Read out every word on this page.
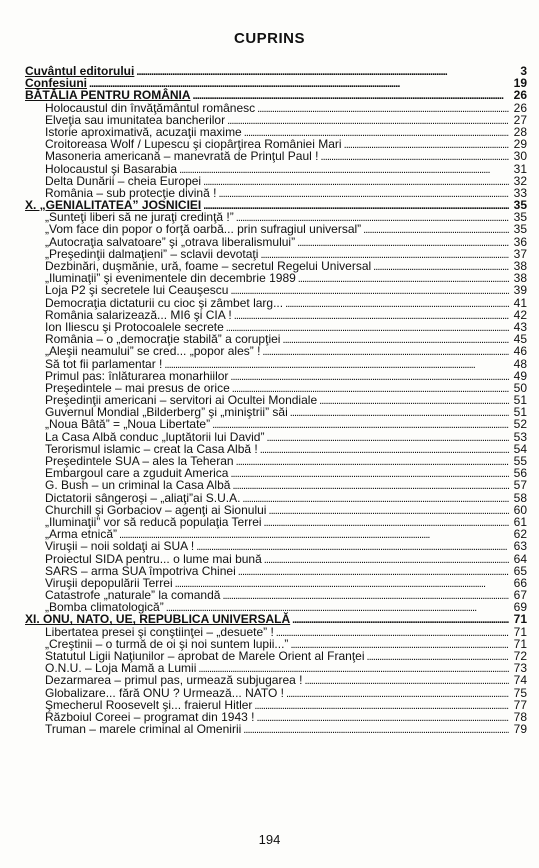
CUPRINS
Cuvântul editorului . . .	3
Confesiuni . . .	19
BĂTĂLIA PENTRU ROMÂNIA . . .	26
Holocaustul din învăţământul românesc . . .	26
Elveţia sau imunitatea bancherilor . . .	27
Istorie aproximativă, acuzaţii maxime . . .	28
Croitoreasa Wolf / Lupescu şi ciopârţirea României Mari . . .	29
Masoneria americană – manevrată de Prinţul Paul ! . . .	30
Holocaustul şi Basarabia . . .	31
Delta Dunării – cheia Europei . . .	32
România – sub protecţie divină ! . . .	33
X. „GENIALITATEA” JOSNICIEI . . .	35
„Sunteţi liberi să ne juraţi credinţă !” . . .	35
„Vom face din popor o forţă oarbă... prin sufragiul universal” . . .	35
„Autocraţia salvatoare” şi „otrava liberalismului” . . .	36
„Preşedinţii dalmaţieni” – sclavii devotaţi . . .	37
Dezbinări, duşmănie, ură, foame – secretul Regelui Universal . . .	38
„Iluminaţii” şi evenimentele din decembrie 1989 . . .	38
Loja P2 şi secretele lui Ceauşescu . . .	39
Democraţia dictaturii cu cioc şi zâmbet larg... . . .	41
România salarizează... MI6 şi CIA ! . . .	42
Ion Iliescu şi Protocoalele secrete . . .	43
România – o „democraţie stabilă” a corupţiei . . .	45
„Aleşii neamului” se cred... „popor ales” ! . . .	46
Să tot fii parlamentar ! . . .	48
Primul pas: înlăturarea monarhiilor . . .	49
Preşedintele – mai presus de orice . . .	50
Preşedinţii americani – servitori ai Ocultei Mondiale . . .	51
Guvernul Mondial „Bilderberg” şi „miniştrii” săi . . .	51
„Noua Bâtă” = „Noua Libertate” . . .	52
La Casa Albă conduc „luptătorii lui David” . . .	53
Terorismul islamic – creat la Casa Albă ! . . .	54
Preşedintele SUA – ales la Teheran . . .	55
Embargoul care a zguduit America . . .	56
G. Bush – un criminal la Casa Albă . . .	57
Dictatorii sângeroşi – „aliaţi”ai S.U.A. . . .	58
Churchill şi Gorbaciov – agenţi ai Sionului . . .	60
„Iluminaţii” vor să reducă populaţia Terrei . . .	61
„Arma etnică” . . .	62
Viruşii – noii soldaţi ai SUA ! . . .	63
Proiectul SIDA pentru... o lume mai bună . . .	64
SARS – arma SUA împotriva Chinei . . .	65
Viruşii depopulării Terrei . . .	66
Catastrofe „naturale” la comandă . . .	67
„Bomba climatologică” . . .	69
XI. ONU, NATO, UE, REPUBLICA UNIVERSALĂ . . .	71
Libertatea presei şi conştiinţei – „desuete” ! . . .	71
„Creştinii – o turmă de oi şi noi suntem lupii...” . . .	71
Statutul Ligii Naţiunilor – aprobat de Marele Orient al Franţei . . .	72
O.N.U. – Loja Mamă a Lumii . . .	73
Dezarmarea – primul pas, urmează subjugarea ! . . .	74
Globalizare... fără ONU ? Urmează... NATO ! . . .	75
Şmecherul Roosevelt şi... fraierul Hitler . . .	77
Războiul Coreei – programat din 1943 ! . . .	78
Truman – marele criminal al Omenirii . . .	79
194
